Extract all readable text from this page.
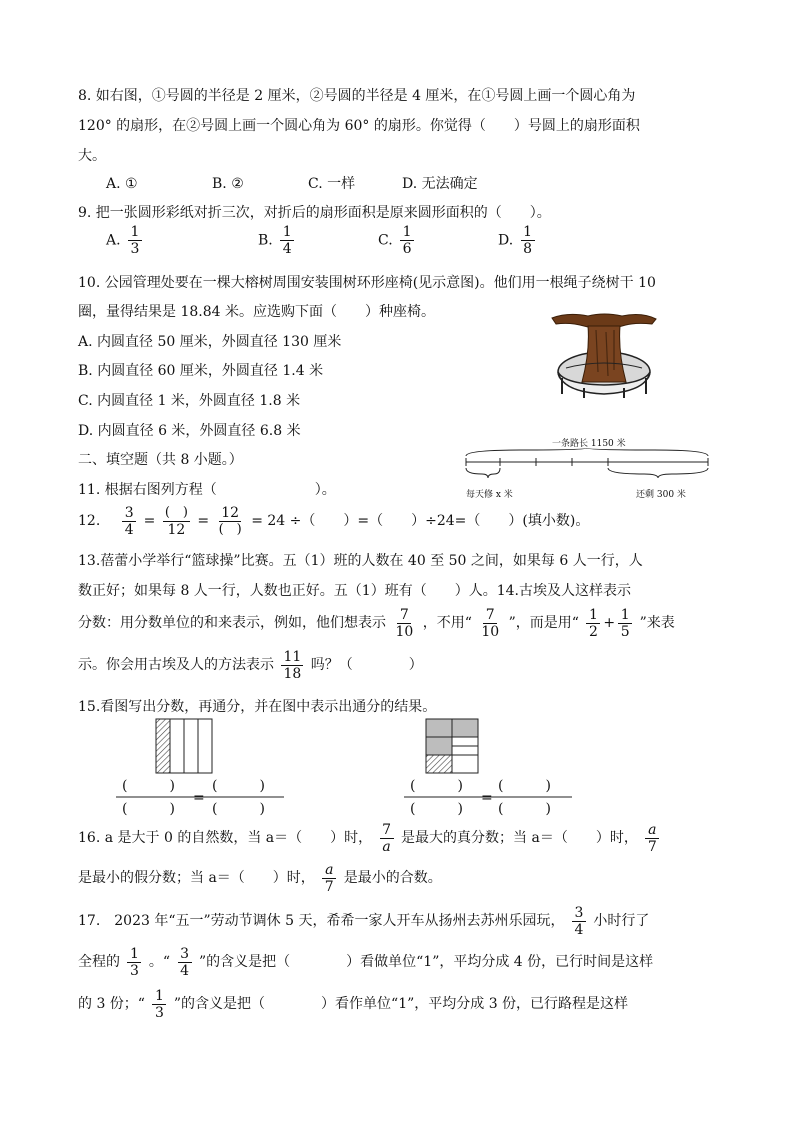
8. 如右图，①号圆的半径是 2 厘米，②号圆的半径是 4 厘米，在①号圆上画一个圆心角为
120° 的扇形，在②号圆上画一个圆心角为 60° 的扇形。你觉得（　　）号圆上的扇形面积
大。
A. ①	B. ②	C. 一样	D. 无法确定
9. 把一张圆形彩纸对折三次，对折后的扇形面积是原来圆形面积的（　　）。
A. $\frac{1}{3}$	B. $\frac{1}{4}$	C. $\frac{1}{6}$	D. $\frac{1}{8}$
10. 公园管理处要在一棵大榕树周围安装围树环形座椅(见示意图)。他们用一根绳子绕树干 10
圈，量得结果是 18.84 米。应选购下面（　　）种座椅。
A. 内圆直径 50 厘米，外圆直径 130 厘米
B. 内圆直径 60 厘米，外圆直径 1.4 米
C. 内圆直径 1 米，外圆直径 1.8 米
D. 内圆直径 6 米，外圆直径 6.8 米
二、填空题（共 8 小题。）
11. 根据右图列方程（　　　　　　　）。
一条路长 1150 米
每天修 x 米	还剩 300 米
12. $\frac{3}{4} = \frac{( )}{12} = \frac{12}{( )} = 24$ ÷（　　）=（　　）÷24=（　　）(填小数)。
13.蓓蕾小学举行“篮球操”比赛。五（1）班的人数在 40 至 50 之间，如果每 6 人一行，人
数正好；如果每 8 人一行，人数也正好。五（1）班有（　　）人。14.古埃及人这样表示
分数：用分数单位的和来表示，例如，他们想表示 $\frac{7}{10}$ ，不用“ $\frac{7}{10}$ ”，而是用“ $\frac{1}{2} + \frac{1}{5}$ ”来表
示。你会用古埃及人的方法表示 $\frac{11}{18}$ 吗？（　　　　）
15.看图写出分数，再通分，并在图中表示出通分的结果。
(　　　)	(　　　)
=
(　　　)	(　　　)
(　　　)	(　　　)
=
(　　　)	(　　　)
16. a 是大于 0 的自然数，当 a＝（　　）时， $\frac{7}{a}$ 是最大的真分数；当 a＝（　　）时， $\frac{a}{7}$
是最小的假分数；当 a＝（　　）时， $\frac{a}{7}$ 是最小的合数。
17.　2023 年“五一”劳动节调休 5 天，希希一家人开车从扬州去苏州乐园玩， $\frac{3}{4}$ 小时行了
全程的 $\frac{1}{3}$ 。“ $\frac{3}{4}$ ”的含义是把（　　　　）看做单位“1”，平均分成 4 份，已行时间是这样
的 3 份；“ $\frac{1}{3}$ ”的含义是把（　　　　）看作单位“1”，平均分成 3 份，已行路程是这样
